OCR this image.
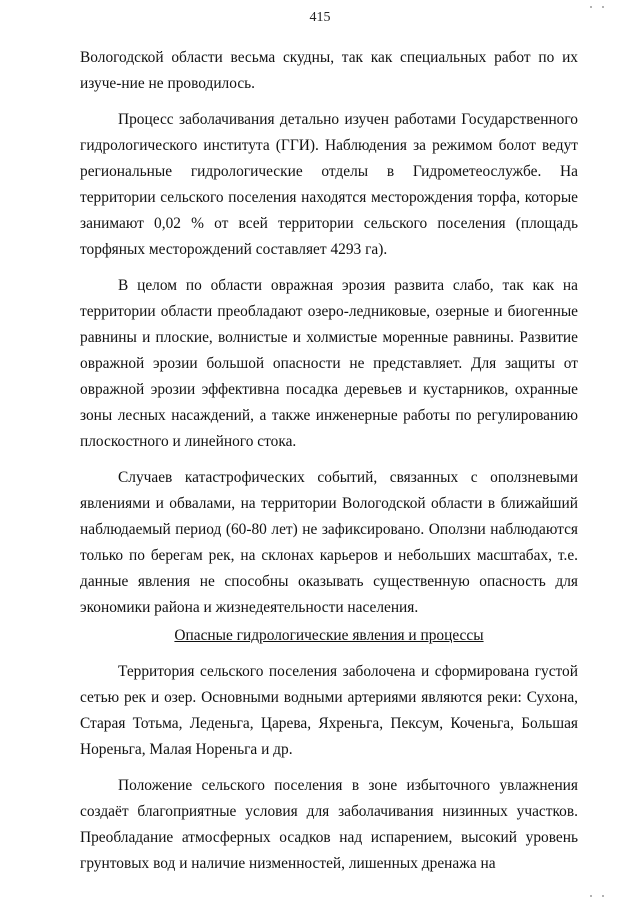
415

Вологодской области весьма скудны, так как специальных работ по их изуче-ние не проводилось.

Процесс заболачивания детально изучен работами Государственного гидрологического института (ГГИ). Наблюдения за режимом болот ведут региональные гидрологические отделы в Гидрометеослужбе. На территории сельского поселения находятся месторождения торфа, которые занимают 0,02 % от всей территории сельского поселения (площадь торфяных месторождений составляет 4293 га).

В целом по области овражная эрозия развита слабо, так как на территории области преобладают озеро-ледниковые, озерные и биогенные равнины и плоские, волнистые и холмистые моренные равнины. Развитие овражной эрозии большой опасности не представляет. Для защиты от овражной эрозии эффективна посадка деревьев и кустарников, охранные зоны лесных насаждений, а также инженерные работы по регулированию плоскостного и линейного стока.

Случаев катастрофических событий, связанных с оползневыми явлениями и обвалами, на территории Вологодской области в ближайший наблюдаемый период (60-80 лет) не зафиксировано. Оползни наблюдаются только по берегам рек, на склонах карьеров и небольших масштабах, т.е. данные явления не способны оказывать существенную опасность для экономики района и жизнедеятельности населения.

Опасные гидрологические явления и процессы

Территория сельского поселения заболочена и сформирована густой сетью рек и озер. Основными водными артериями являются реки: Сухона, Старая Тотьма, Леденьга, Царева, Яхреньга, Пексум, Коченьга, Большая Нореньга, Малая Нореньга и др.

Положение сельского поселения в зоне избыточного увлажнения создаёт благоприятные условия для заболачивания низинных участков. Преобладание атмосферных осадков над испарением, высокий уровень грунтовых вод и наличие низменностей, лишенных дренажа на
